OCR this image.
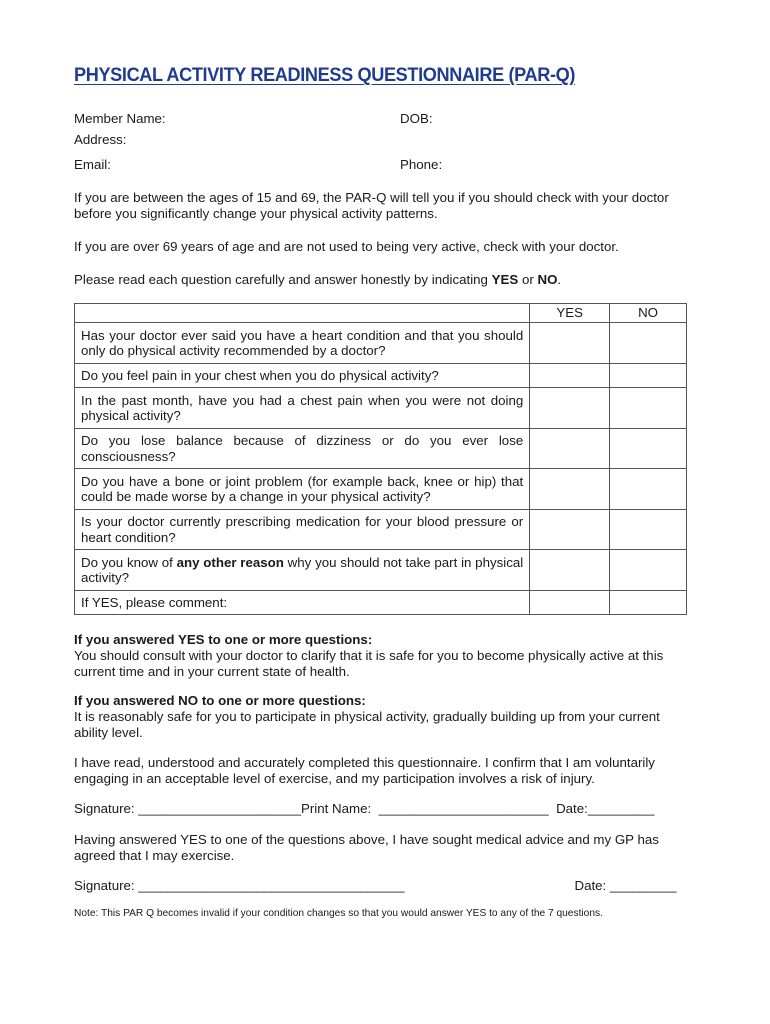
PHYSICAL ACTIVITY READINESS QUESTIONNAIRE (PAR-Q)
Member Name:	DOB:
Address:
Email:	Phone:

If you are between the ages of 15 and 69, the PAR-Q will tell you if you should check with your doctor before you significantly change your physical activity patterns.

If you are over 69 years of age and are not used to being very active, check with your doctor.

Please read each question carefully and answer honestly by indicating YES or NO.

	YES	NO
Has your doctor ever said you have a heart condition and that you should only do physical activity recommended by a doctor?		
Do you feel pain in your chest when you do physical activity?		
In the past month, have you had a chest pain when you were not doing physical activity?		
Do you lose balance because of dizziness or do you ever lose consciousness?		
Do you have a bone or joint problem (for example back, knee or hip) that could be made worse by a change in your physical activity?		
Is your doctor currently prescribing medication for your blood pressure or heart condition?		
Do you know of any other reason why you should not take part in physical activity?		
If YES, please comment:		

If you answered YES to one or more questions:

You should consult with your doctor to clarify that it is safe for you to become physically active at this current time and in your current state of health.

If you answered NO to one or more questions:

It is reasonably safe for you to participate in physical activity, gradually building up from your current ability level.

I have read, understood and accurately completed this questionnaire. I confirm that I am voluntarily engaging in an acceptable level of exercise, and my participation involves a risk of injury.

Signature: ______________________Print Name:  _______________________  Date:_________

Having answered YES to one of the questions above, I have sought medical advice and my GP has agreed that I may exercise.

Signature: ____________________________________                                              Date: _________
Note: This PAR Q becomes invalid if your condition changes so that you would answer YES to any of the 7 questions.
